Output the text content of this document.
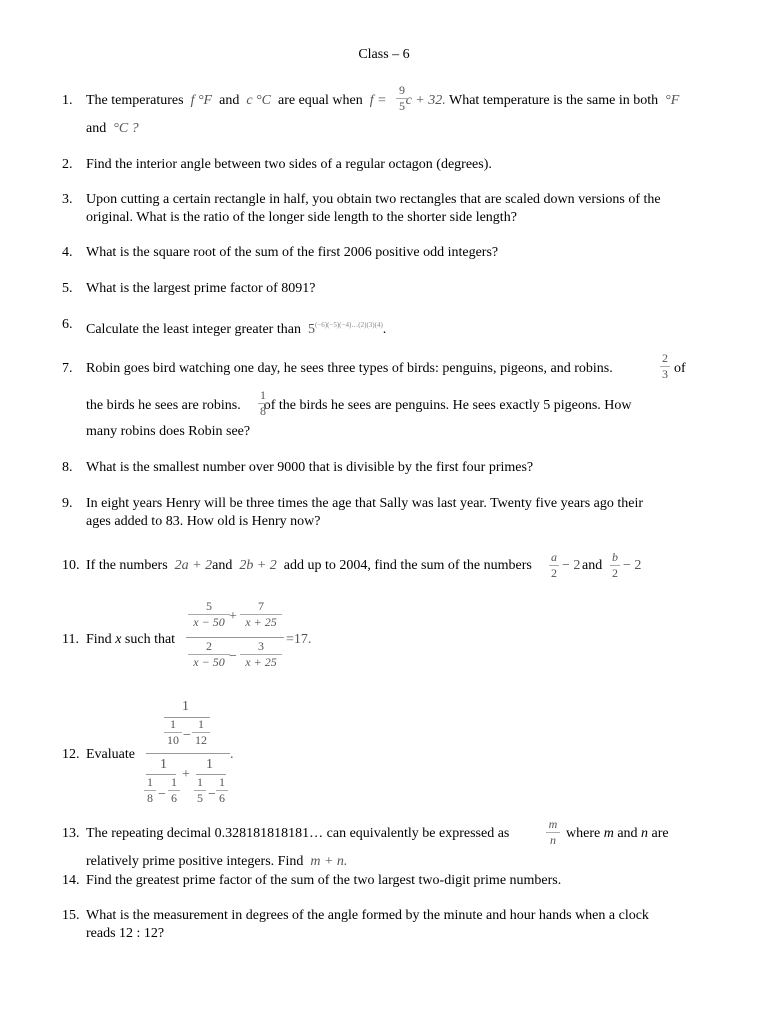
Class – 6
1. The temperatures f °F and c °C are equal when f = c + 32. What temperature is the same in both °F
9
5
and °C ?
2. Find the interior angle between two sides of a regular octagon (degrees).
3. Upon cutting a certain rectangle in half, you obtain two rectangles that are scaled down versions of the
original. What is the ratio of the longer side length to the shorter side length?
4. What is the square root of the sum of the first 2006 positive odd integers?
5. What is the largest prime factor of 8091?
6. Calculate the least integer greater than $5^{(-6)(-5)(-4)\dots(2)(3)(4)}$.
7. Robin goes bird watching one day, he sees three types of birds: penguins, pigeons, and robins.
2
3 of
the birds he sees are robins. of the birds he sees are penguins. He sees exactly 5 pigeons. How
1
8
many robins does Robin see?
8. What is the smallest number over 9000 that is divisible by the first four primes?
9. In eight years Henry will be three times the age that Sally was last year. Twenty five years ago their
ages added to 83. How old is Henry now?
10. If the numbers 2a + 2and 2b + 2 add up to 2004, find the sum of the numbers
a
2 − 2 and
b
2 − 2
11. Find x such that
5
x − 50 +
7
x + 25
2
x − 50 −
3
x + 25
=17.
12. Evaluate
1
1
10 −
1
12
.
1
+
1
1
8 −
1
6
1
5 −
1
6
13. The repeating decimal 0.328181818181… can equivalently be expressed as
m
n where m and n are
relatively prime positive integers. Find m + n.
14. Find the greatest prime factor of the sum of the two largest two-digit prime numbers.
15. What is the measurement in degrees of the angle formed by the minute and hour hands when a clock
reads 12 : 12?
